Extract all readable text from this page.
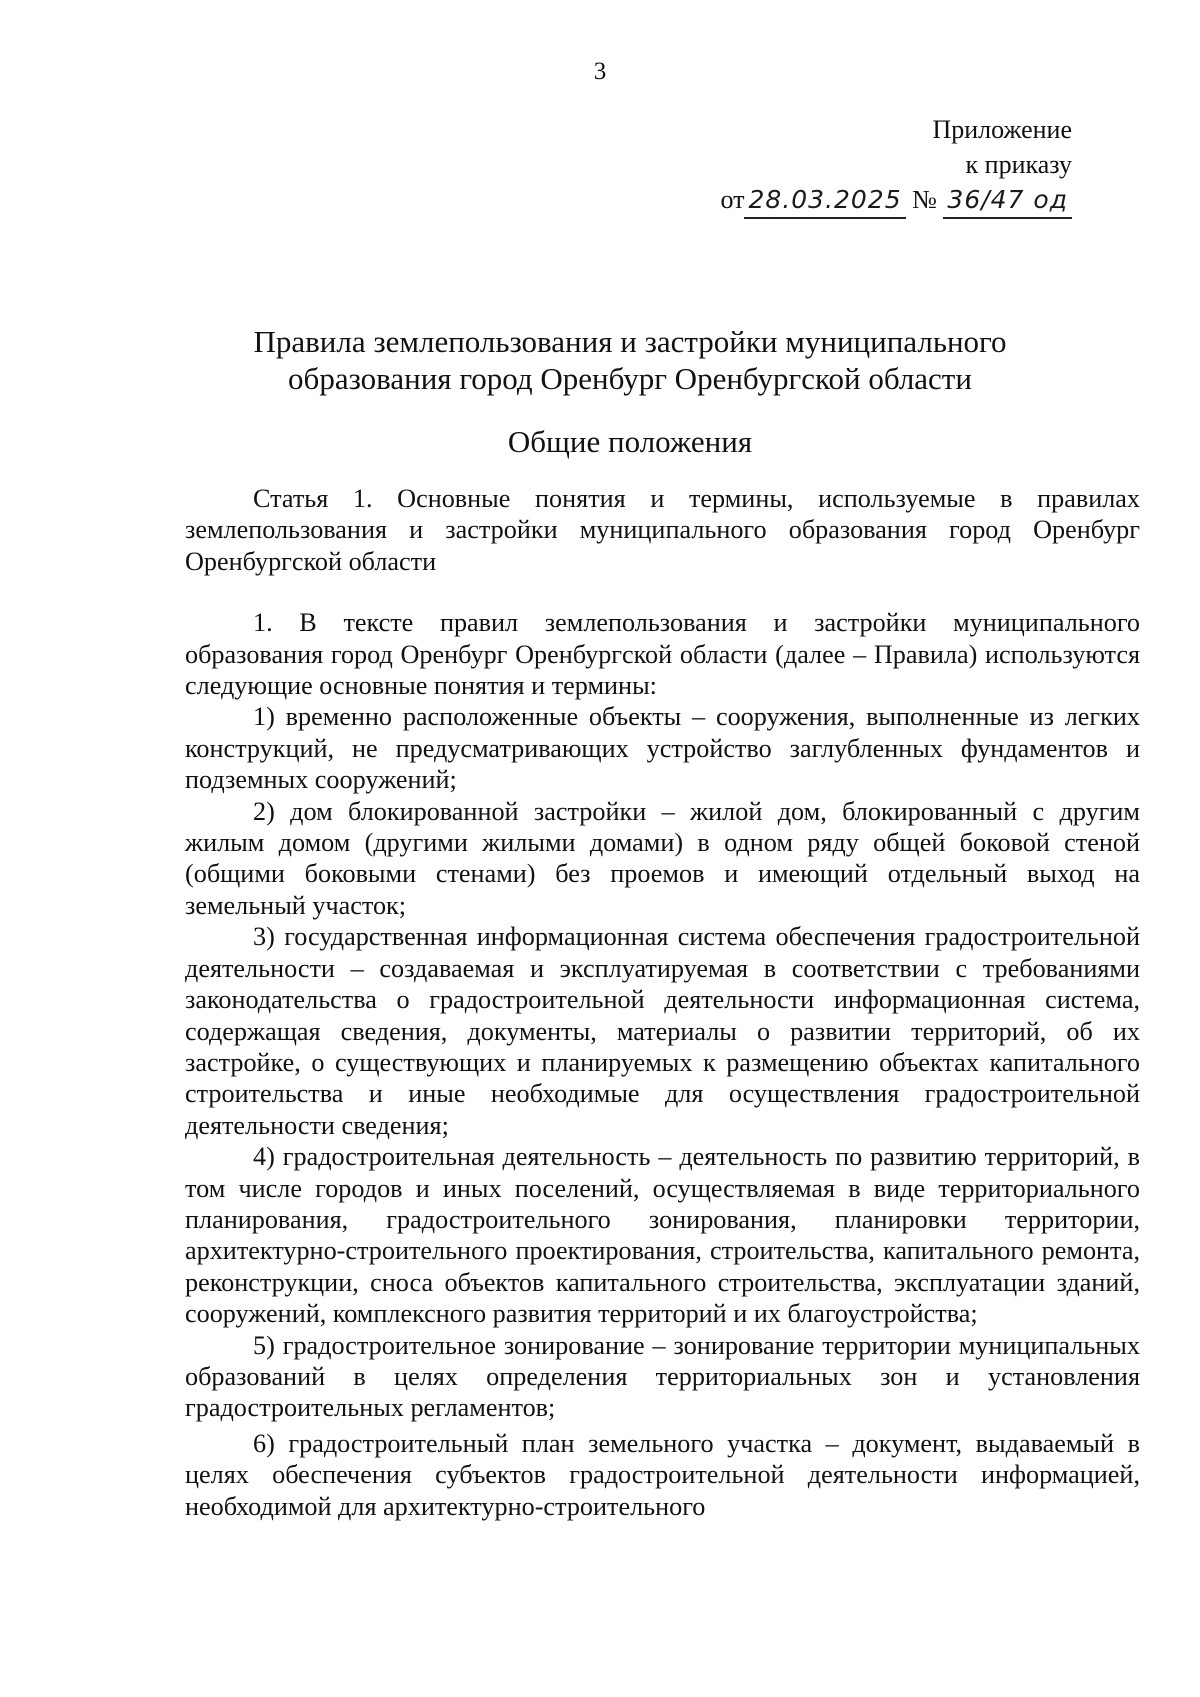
3
Приложение
к приказу
от 28.03.2025 № 36/47 од
Правила землепользования и застройки муниципального
образования город Оренбург Оренбургской области
Общие положения

Статья 1. Основные понятия и термины, используемые в правилах землепользования и застройки муниципального образования город Оренбург Оренбургской области

1. В тексте правил землепользования и застройки муниципального образования город Оренбург Оренбургской области (далее – Правила) используются следующие основные понятия и термины:

1) временно расположенные объекты – сооружения, выполненные из легких конструкций, не предусматривающих устройство заглубленных фундаментов и подземных сооружений;

2) дом блокированной застройки – жилой дом, блокированный с другим жилым домом (другими жилыми домами) в одном ряду общей боковой стеной (общими боковыми стенами) без проемов и имеющий отдельный выход на земельный участок;

3) государственная информационная система обеспечения градостроительной деятельности – создаваемая и эксплуатируемая в соответствии с требованиями законодательства о градостроительной деятельности информационная система, содержащая сведения, документы, материалы о развитии территорий, об их застройке, о существующих и планируемых к размещению объектах капитального строительства и иные необходимые для осуществления градостроительной деятельности сведения;

4) градостроительная деятельность – деятельность по развитию территорий, в том числе городов и иных поселений, осуществляемая в виде территориального планирования, градостроительного зонирования, планировки территории, архитектурно-строительного проектирования, строительства, капитального ремонта, реконструкции, сноса объектов капитального строительства, эксплуатации зданий, сооружений, комплексного развития территорий и их благоустройства;

5) градостроительное зонирование – зонирование территории муниципальных образований в целях определения территориальных зон и установления градостроительных регламентов;

6) градостроительный план земельного участка – документ, выдаваемый в целях обеспечения субъектов градостроительной деятельности информацией, необходимой для архитектурно-строительного
